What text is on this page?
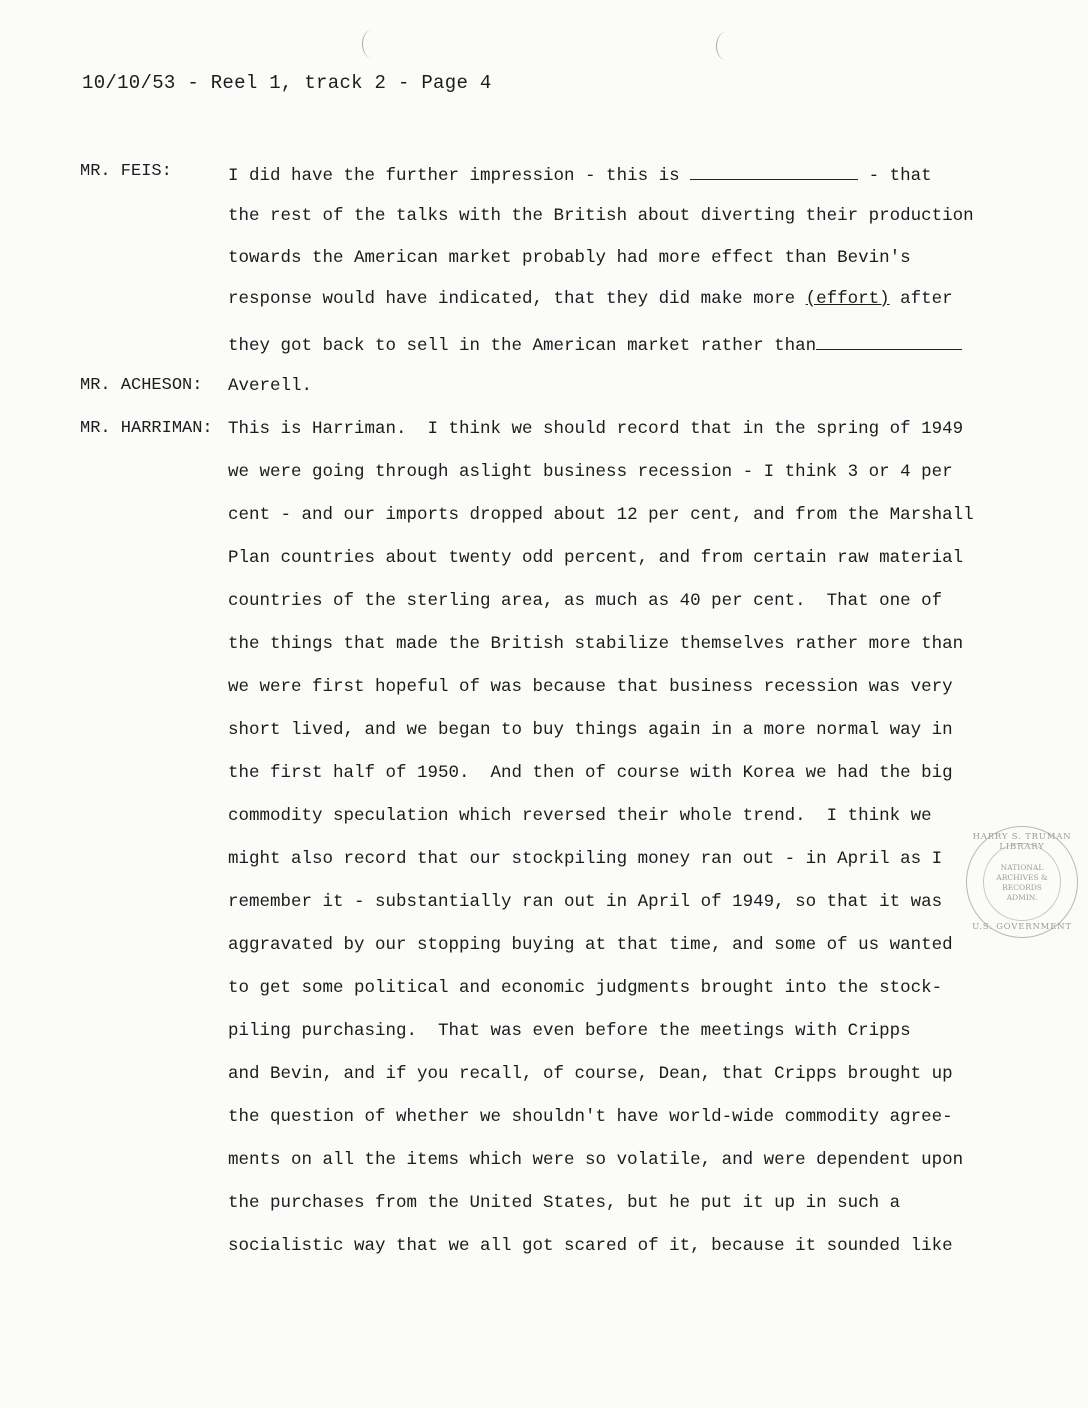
10/10/53 - Reel 1, track 2 - Page 4
MR. FEIS:	I did have the further impression - this is	- that
the rest of the talks with the British about diverting their production
towards the American market probably had more effect than Bevin's
response would have indicated, that they did make more (effort) after
they got back to sell in the American market rather than
MR. ACHESON: Averell.
MR. HARRIMAN: This is Harriman.  I think we should record that in the spring of 1949
we were going through aslight business recession - I think 3 or 4 per
cent - and our imports dropped about 12 per cent, and from the Marshall
Plan countries about twenty odd percent, and from certain raw material
countries of the sterling area, as much as 40 per cent.  That one of
the things that made the British stabilize themselves rather more than
we were first hopeful of was because that business recession was very
short lived, and we began to buy things again in a more normal way in
the first half of 1950.  And then of course with Korea we had the big
commodity speculation which reversed their whole trend.  I think we
might also record that our stockpiling money ran out - in April as I
remember it - substantially ran out in April of 1949, so that it was
aggravated by our stopping buying at that time, and some of us wanted
to get some political and economic judgments brought into the stock-
piling purchasing.  That was even before the meetings with Cripps
and Bevin, and if you recall, of course, Dean, that Cripps brought up
the question of whether we shouldn't have world-wide commodity agree-
ments on all the items which were so volatile, and were dependent upon
the purchases from the United States, but he put it up in such a
socialistic way that we all got scared of it, because it sounded like
HARRY S. TRUMAN LIBRARY
NATIONAL ARCHIVES & RECORDS ADMIN.
U.S. GOVERNMENT
